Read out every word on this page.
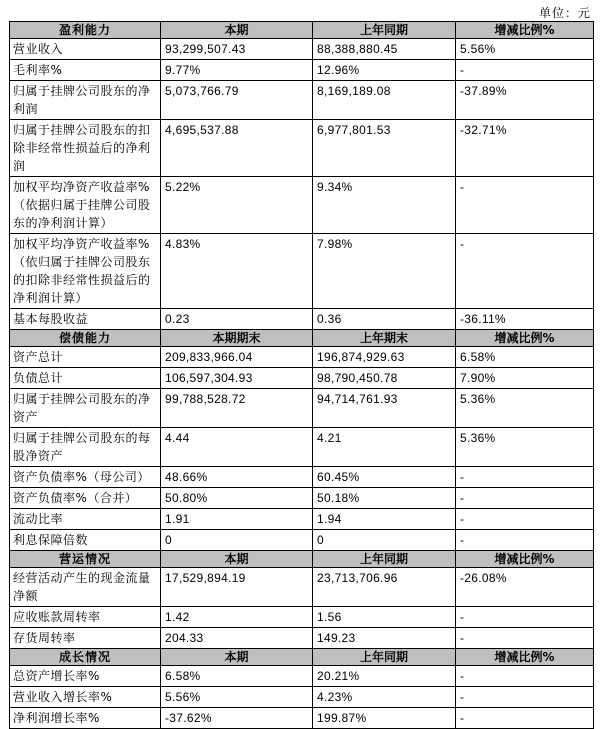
单位：元
盈利能力	本期	上年同期	增减比例%
营业收入	93,299,507.43	88,388,880.45	5.56%
毛利率%	9.77%	12.96%	-
归属于挂牌公司股东的净利润	5,073,766.79	8,169,189.08	-37.89%
归属于挂牌公司股东的扣除非经常性损益后的净利润	4,695,537.88	6,977,801.53	-32.71%
加权平均净资产收益率%（依据归属于挂牌公司股东的净利润计算）	5.22%	9.34%	-
加权平均净资产收益率%（依归属于挂牌公司股东的扣除非经常性损益后的净利润计算）	4.83%	7.98%	-
基本每股收益	0.23	0.36	-36.11%
偿债能力	本期期末	上年期末	增减比例%
资产总计	209,833,966.04	196,874,929.63	6.58%
负债总计	106,597,304.93	98,790,450.78	7.90%
归属于挂牌公司股东的净资产	99,788,528.72	94,714,761.93	5.36%
归属于挂牌公司股东的每股净资产	4.44	4.21	5.36%
资产负债率%（母公司）	48.66%	60.45%	-
资产负债率%（合并）	50.80%	50.18%	-
流动比率	1.91	1.94	-
利息保障倍数	0	0	-
营运情况	本期	上年同期	增减比例%
经营活动产生的现金流量净额	17,529,894.19	23,713,706.96	-26.08%
应收账款周转率	1.42	1.56	-
存货周转率	204.33	149.23	-
成长情况	本期	上年同期	增减比例%
总资产增长率%	6.58%	20.21%	-
营业收入增长率%	5.56%	4.23%	-
净利润增长率%	-37.62%	199.87%	-
